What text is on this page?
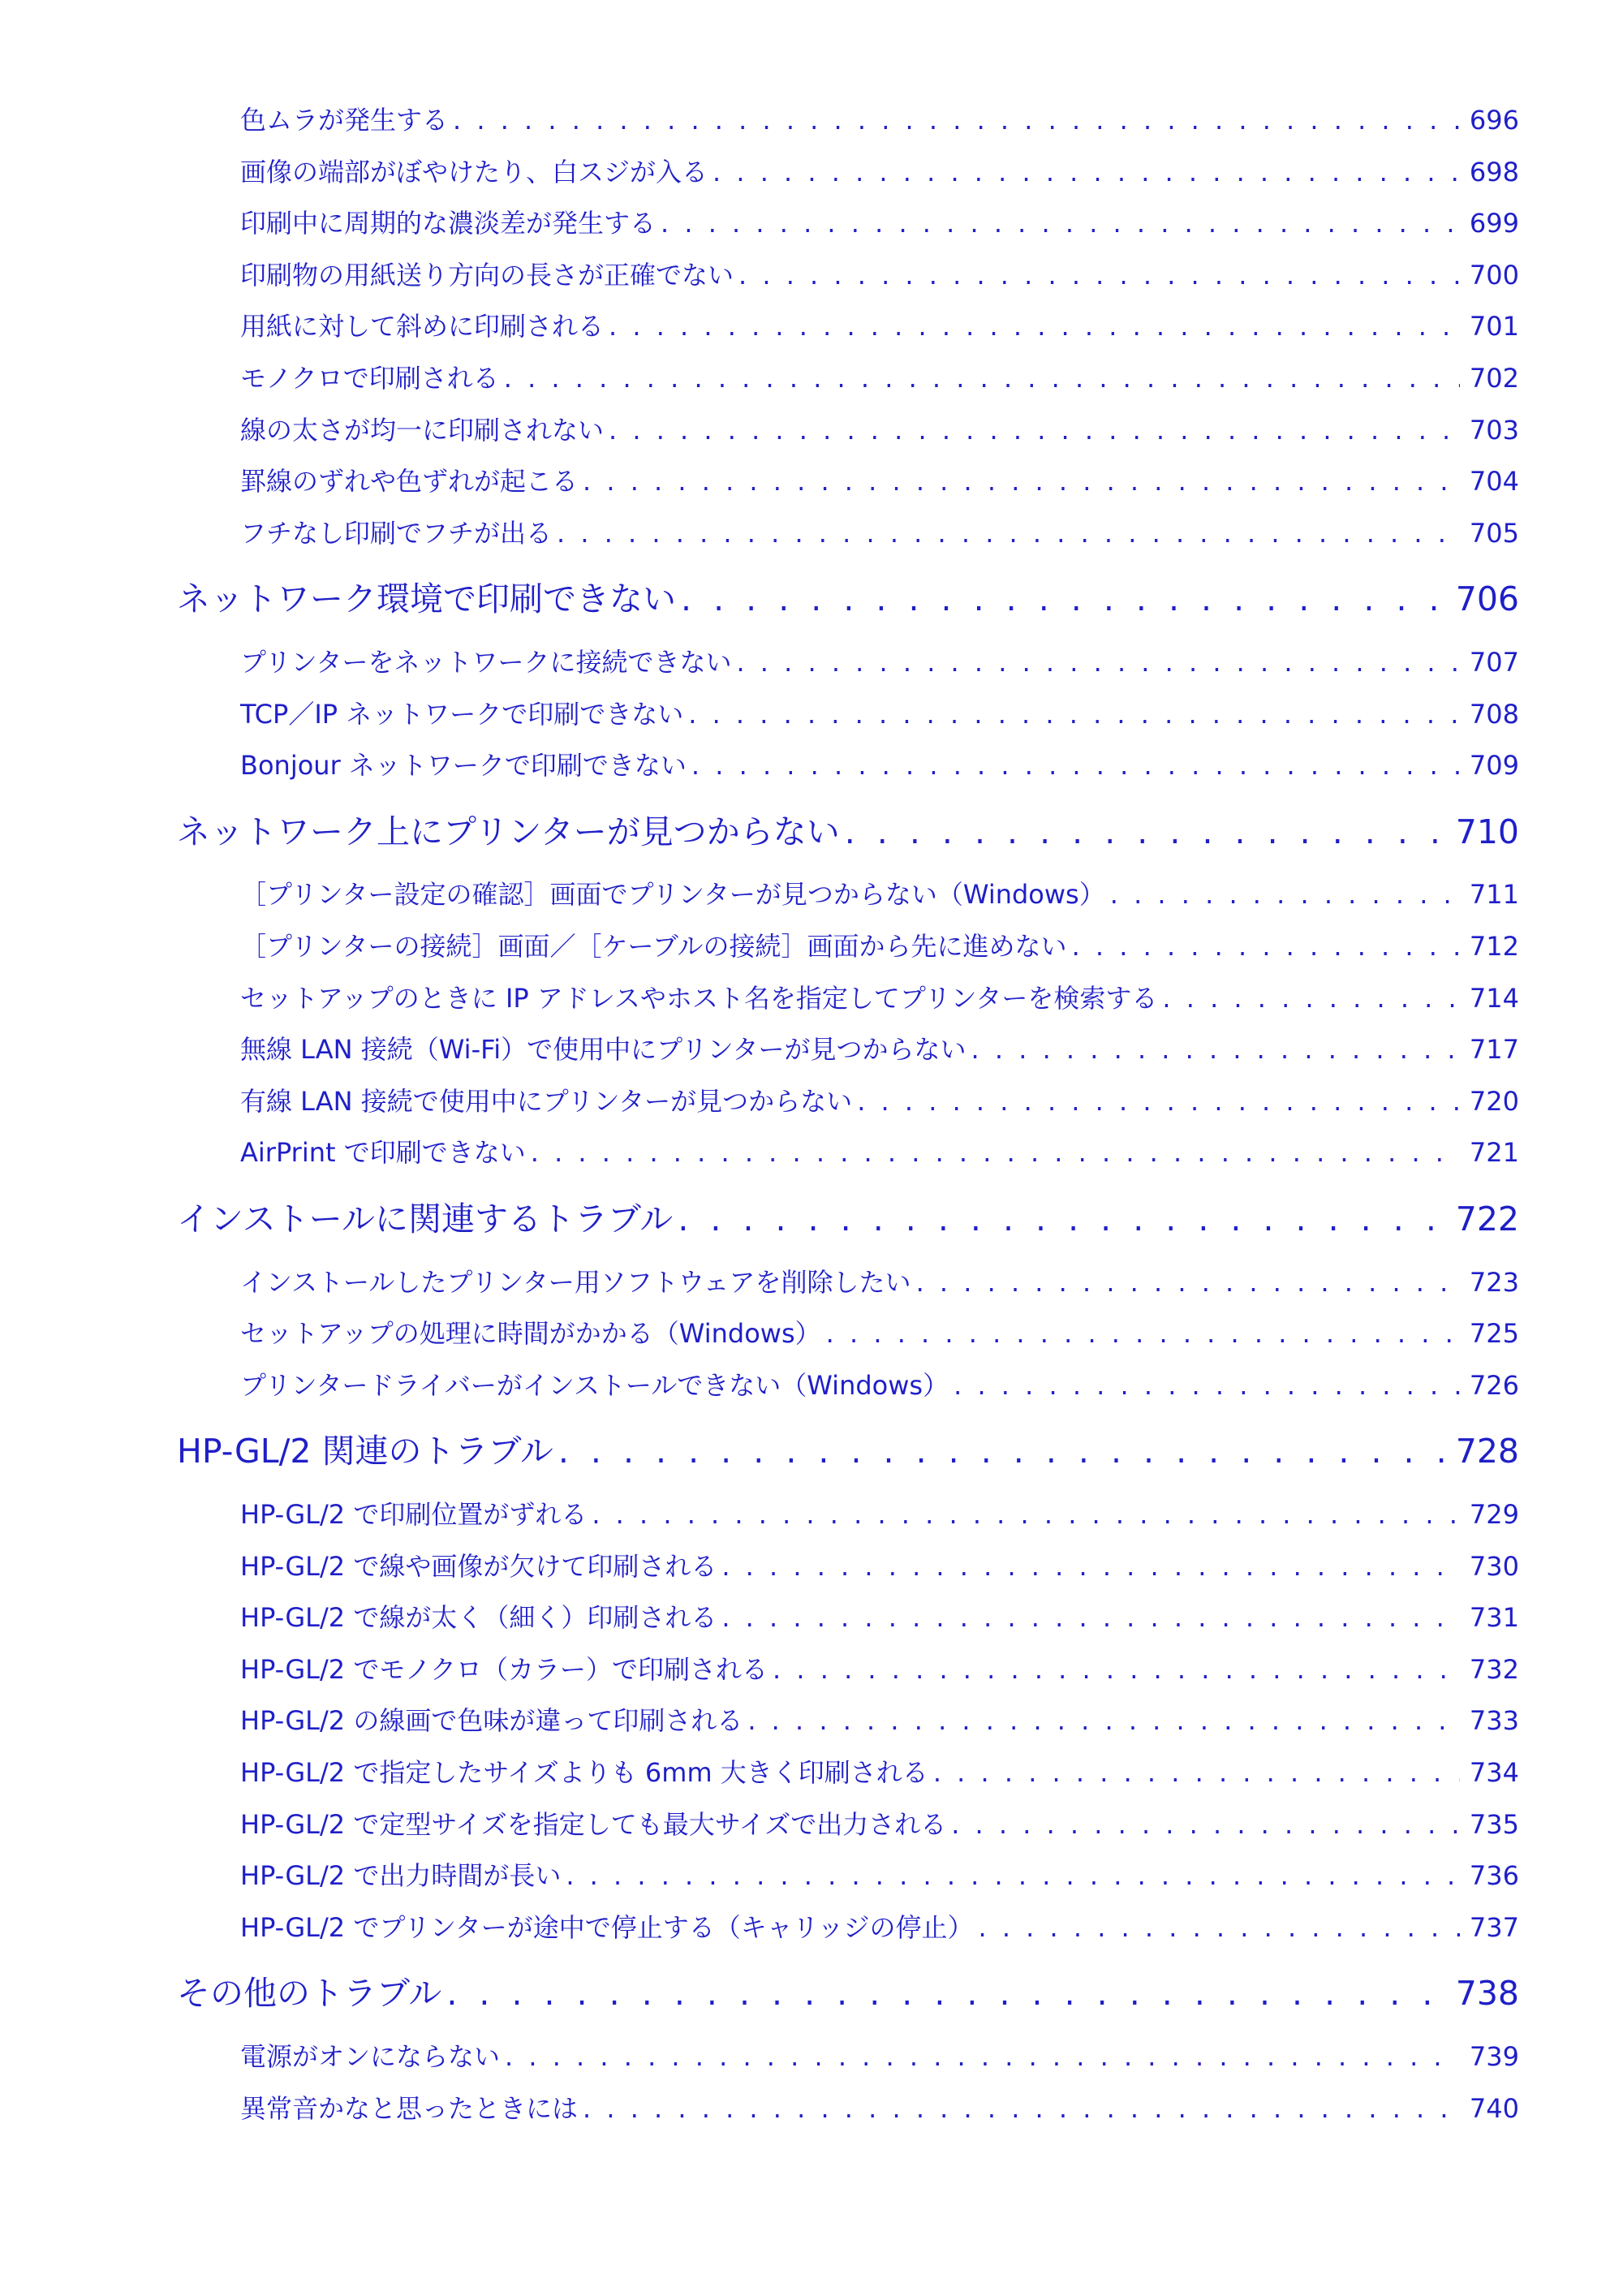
色ムラが発生する . . .	696
画像の端部がぼやけたり、白スジが入る . . .	698
印刷中に周期的な濃淡差が発生する . . .	699
印刷物の用紙送り方向の長さが正確でない . . .	700
用紙に対して斜めに印刷される . . .	701
モノクロで印刷される . . .	702
線の太さが均一に印刷されない . . .	703
罫線のずれや色ずれが起こる . . .	704
フチなし印刷でフチが出る . . .	705
ネットワーク環境で印刷できない . . .	706
プリンターをネットワークに接続できない . . .	707
TCP／IP ネットワークで印刷できない . . .	708
Bonjour ネットワークで印刷できない . . .	709
ネットワーク上にプリンターが見つからない . . .	710
［プリンター設定の確認］画面でプリンターが見つからない（Windows） . . .	711
［プリンターの接続］画面／［ケーブルの接続］画面から先に進めない . . .	712
セットアップのときに IP アドレスやホスト名を指定してプリンターを検索する . . .	714
無線 LAN 接続（Wi-Fi）で使用中にプリンターが見つからない . . .	717
有線 LAN 接続で使用中にプリンターが見つからない . . .	720
AirPrint で印刷できない . . .	721
インストールに関連するトラブル . . .	722
インストールしたプリンター用ソフトウェアを削除したい . . .	723
セットアップの処理に時間がかかる（Windows） . . .	725
プリンタードライバーがインストールできない（Windows） . . .	726
HP-GL/2 関連のトラブル . . .	728
HP-GL/2 で印刷位置がずれる . . .	729
HP-GL/2 で線や画像が欠けて印刷される . . .	730
HP-GL/2 で線が太く（細く）印刷される . . .	731
HP-GL/2 でモノクロ（カラー）で印刷される . . .	732
HP-GL/2 の線画で色味が違って印刷される . . .	733
HP-GL/2 で指定したサイズよりも 6mm 大きく印刷される . . .	734
HP-GL/2 で定型サイズを指定しても最大サイズで出力される . . .	735
HP-GL/2 で出力時間が長い . . .	736
HP-GL/2 でプリンターが途中で停止する（キャリッジの停止） . . .	737
その他のトラブル . . .	738
電源がオンにならない . . .	739
異常音かなと思ったときには . . .	740
